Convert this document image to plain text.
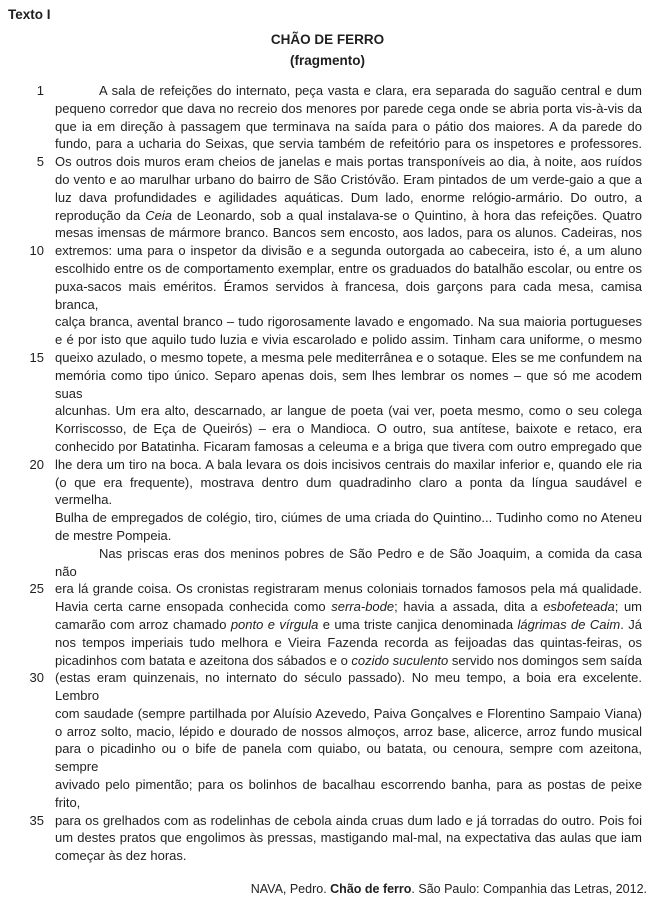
Texto I
CHÃO DE FERRO
(fragmento)
1	A sala de refeições do internato, peça vasta e clara, era separada do saguão central e dum
pequeno corredor que dava no recreio dos menores por parede cega onde se abria porta vis-à-vis da
que ia em direção à passagem que terminava na saída para o pátio dos maiores. A da parede do
fundo, para a ucharia do Seixas, que servia também de refeitório para os inspetores e professores.
5 Os outros dois muros eram cheios de janelas e mais portas transponíveis ao dia, à noite, aos ruídos
do vento e ao marulhar urbano do bairro de São Cristóvão. Eram pintados de um verde-gaio a que a
luz dava profundidades e agilidades aquáticas. Dum lado, enorme relógio-armário. Do outro, a
reprodução da Ceia de Leonardo, sob a qual instalava-se o Quintino, à hora das refeições. Quatro
mesas imensas de mármore branco. Bancos sem encosto, aos lados, para os alunos. Cadeiras, nos
10 extremos: uma para o inspetor da divisão e a segunda outorgada ao cabeceira, isto é, a um aluno
escolhido entre os de comportamento exemplar, entre os graduados do batalhão escolar, ou entre os
puxa-sacos mais eméritos. Éramos servidos à francesa, dois garçons para cada mesa, camisa branca,
calça branca, avental branco – tudo rigorosamente lavado e engomado. Na sua maioria portugueses
e é por isto que aquilo tudo luzia e vivia escarolado e polido assim. Tinham cara uniforme, o mesmo
15 queixo azulado, o mesmo topete, a mesma pele mediterrânea e o sotaque. Eles se me confundem na
memória como tipo único. Separo apenas dois, sem lhes lembrar os nomes – que só me acodem suas
alcunhas. Um era alto, descarnado, ar langue de poeta (vai ver, poeta mesmo, como o seu colega
Korriscosso, de Eça de Queirós) – era o Mandioca. O outro, sua antítese, baixote e retaco, era
conhecido por Batatinha. Ficaram famosas a celeuma e a briga que tivera com outro empregado que
20 lhe dera um tiro na boca. A bala levara os dois incisivos centrais do maxilar inferior e, quando ele ria
(o que era frequente), mostrava dentro dum quadradinho claro a ponta da língua saudável e vermelha.
Bulha de empregados de colégio, tiro, ciúmes de uma criada do Quintino... Tudinho como no Ateneu
de mestre Pompeia.
Nas priscas eras dos meninos pobres de São Pedro e de São Joaquim, a comida da casa não
25 era lá grande coisa. Os cronistas registraram menus coloniais tornados famosos pela má qualidade.
Havia certa carne ensopada conhecida como serra-bode; havia a assada, dita a esbofeteada; um
camarão com arroz chamado ponto e vírgula e uma triste canjica denominada lágrimas de Caim. Já
nos tempos imperiais tudo melhora e Vieira Fazenda recorda as feijoadas das quintas-feiras, os
picadinhos com batata e azeitona dos sábados e o cozido suculento servido nos domingos sem saída
30 (estas eram quinzenais, no internato do século passado). No meu tempo, a boia era excelente. Lembro
com saudade (sempre partilhada por Aluísio Azevedo, Paiva Gonçalves e Florentino Sampaio Viana)
o arroz solto, macio, lépido e dourado de nossos almoços, arroz base, alicerce, arroz fundo musical
para o picadinho ou o bife de panela com quiabo, ou batata, ou cenoura, sempre com azeitona, sempre
avivado pelo pimentão; para os bolinhos de bacalhau escorrendo banha, para as postas de peixe frito,
35 para os grelhados com as rodelinhas de cebola ainda cruas dum lado e já torradas do outro. Pois foi
um destes pratos que engolimos às pressas, mastigando mal-mal, na expectativa das aulas que iam
começar às dez horas.
NAVA, Pedro. Chão de ferro. São Paulo: Companhia das Letras, 2012.
